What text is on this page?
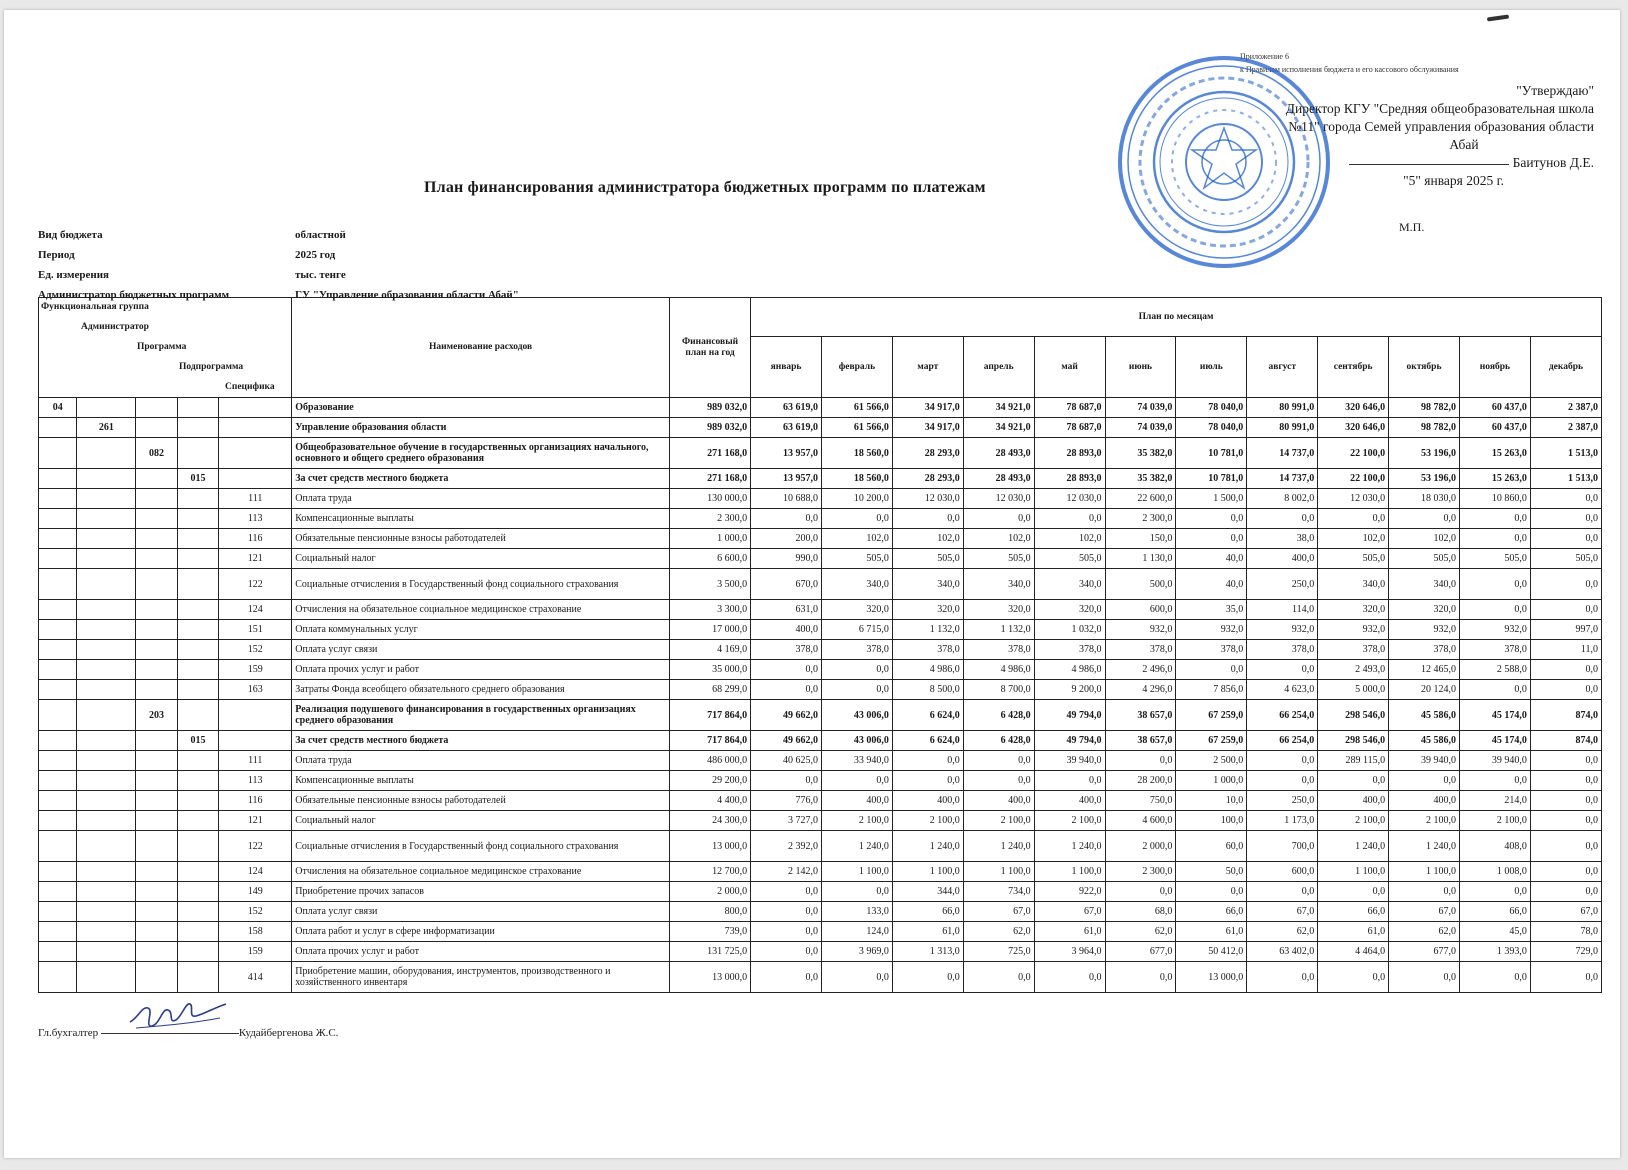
Приложение 6
к Правилам исполнения бюджета и его кассового обслуживания
"Утверждаю"
Директор КГУ "Средняя общеобразовательная школа
№11" города Семей управления образования области
Абай
Баитунов Д.Е.
"5" января 2025 г.
М.П.
План финансирования администратора бюджетных программ по платежам
Вид бюджета	областной
Период	2025 год
Ед. измерения	тыс. тенге
Администратор бюджетных программ	ГУ "Управление образования области Абай"
Функциональная группа
Администратор
Программа
Подпрограмма
Специфика					Наименование расходов	Финансовый план на год	План по месяцам											
							январь	февраль	март	апрель	май	июнь	июль	август	сентябрь	октябрь	ноябрь	декабрь
04					Образование	989 032,0	63 619,0	61 566,0	34 917,0	34 921,0	78 687,0	74 039,0	78 040,0	80 991,0	320 646,0	98 782,0	60 437,0	2 387,0
	261				Управление образования области	989 032,0	63 619,0	61 566,0	34 917,0	34 921,0	78 687,0	74 039,0	78 040,0	80 991,0	320 646,0	98 782,0	60 437,0	2 387,0
		082			Общеобразовательное обучение в государственных организациях начального, основного и общего среднего образования	271 168,0	13 957,0	18 560,0	28 293,0	28 493,0	28 893,0	35 382,0	10 781,0	14 737,0	22 100,0	53 196,0	15 263,0	1 513,0
			015		За счет средств местного бюджета	271 168,0	13 957,0	18 560,0	28 293,0	28 493,0	28 893,0	35 382,0	10 781,0	14 737,0	22 100,0	53 196,0	15 263,0	1 513,0
				111	Оплата труда	130 000,0	10 688,0	10 200,0	12 030,0	12 030,0	12 030,0	22 600,0	1 500,0	8 002,0	12 030,0	18 030,0	10 860,0	0,0
				113	Компенсационные выплаты	2 300,0	0,0	0,0	0,0	0,0	0,0	2 300,0	0,0	0,0	0,0	0,0	0,0	0,0
				116	Обязательные пенсионные взносы работодателей	1 000,0	200,0	102,0	102,0	102,0	102,0	150,0	0,0	38,0	102,0	102,0	0,0	0,0
				121	Социальный налог	6 600,0	990,0	505,0	505,0	505,0	505,0	1 130,0	40,0	400,0	505,0	505,0	505,0	505,0
				122	Социальные отчисления в Государственный фонд социального страхования	3 500,0	670,0	340,0	340,0	340,0	340,0	500,0	40,0	250,0	340,0	340,0	0,0	0,0
				124	Отчисления на обязательное социальное медицинское страхование	3 300,0	631,0	320,0	320,0	320,0	320,0	600,0	35,0	114,0	320,0	320,0	0,0	0,0
				151	Оплата коммунальных услуг	17 000,0	400,0	6 715,0	1 132,0	1 132,0	1 032,0	932,0	932,0	932,0	932,0	932,0	932,0	997,0
				152	Оплата услуг связи	4 169,0	378,0	378,0	378,0	378,0	378,0	378,0	378,0	378,0	378,0	378,0	378,0	11,0
				159	Оплата прочих услуг и работ	35 000,0	0,0	0,0	4 986,0	4 986,0	4 986,0	2 496,0	0,0	0,0	2 493,0	12 465,0	2 588,0	0,0
				163	Затраты Фонда всеобщего обязательного среднего образования	68 299,0	0,0	0,0	8 500,0	8 700,0	9 200,0	4 296,0	7 856,0	4 623,0	5 000,0	20 124,0	0,0	0,0
		203			Реализация подушевого финансирования в государственных организациях среднего образования	717 864,0	49 662,0	43 006,0	6 624,0	6 428,0	49 794,0	38 657,0	67 259,0	66 254,0	298 546,0	45 586,0	45 174,0	874,0
			015		За счет средств местного бюджета	717 864,0	49 662,0	43 006,0	6 624,0	6 428,0	49 794,0	38 657,0	67 259,0	66 254,0	298 546,0	45 586,0	45 174,0	874,0
				111	Оплата труда	486 000,0	40 625,0	33 940,0	0,0	0,0	39 940,0	0,0	2 500,0	0,0	289 115,0	39 940,0	39 940,0	0,0
				113	Компенсационные выплаты	29 200,0	0,0	0,0	0,0	0,0	0,0	28 200,0	1 000,0	0,0	0,0	0,0	0,0	0,0
				116	Обязательные пенсионные взносы работодателей	4 400,0	776,0	400,0	400,0	400,0	400,0	750,0	10,0	250,0	400,0	400,0	214,0	0,0
				121	Социальный налог	24 300,0	3 727,0	2 100,0	2 100,0	2 100,0	2 100,0	4 600,0	100,0	1 173,0	2 100,0	2 100,0	2 100,0	0,0
				122	Социальные отчисления в Государственный фонд социального страхования	13 000,0	2 392,0	1 240,0	1 240,0	1 240,0	1 240,0	2 000,0	60,0	700,0	1 240,0	1 240,0	408,0	0,0
				124	Отчисления на обязательное социальное медицинское страхование	12 700,0	2 142,0	1 100,0	1 100,0	1 100,0	1 100,0	2 300,0	50,0	600,0	1 100,0	1 100,0	1 008,0	0,0
				149	Приобретение прочих запасов	2 000,0	0,0	0,0	344,0	734,0	922,0	0,0	0,0	0,0	0,0	0,0	0,0	0,0
				152	Оплата услуг связи	800,0	0,0	133,0	66,0	67,0	67,0	68,0	66,0	67,0	66,0	67,0	66,0	67,0
				158	Оплата работ и услуг в сфере информатизации	739,0	0,0	124,0	61,0	62,0	61,0	62,0	61,0	62,0	61,0	62,0	45,0	78,0
				159	Оплата прочих услуг и работ	131 725,0	0,0	3 969,0	1 313,0	725,0	3 964,0	677,0	50 412,0	63 402,0	4 464,0	677,0	1 393,0	729,0
				414	Приобретение машин, оборудования, инструментов, производственного и хозяйственного инвентаря	13 000,0	0,0	0,0	0,0	0,0	0,0	0,0	13 000,0	0,0	0,0	0,0	0,0	0,0
Гл.бухгалтер	Кудайбергенова Ж.С.
